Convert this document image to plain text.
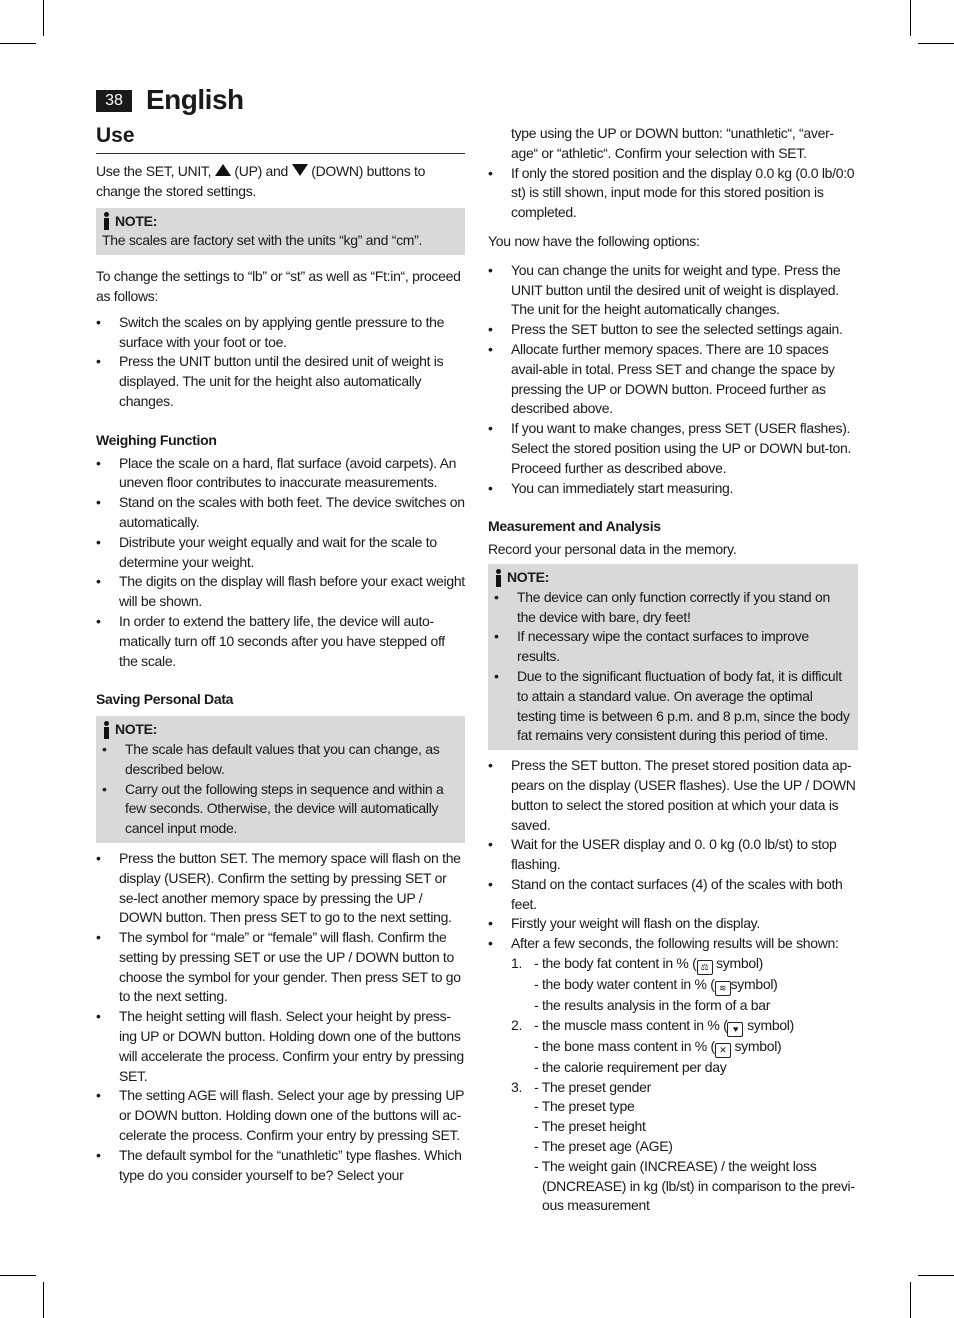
38 English
Use

Use the SET, UNIT,  (UP) and  (DOWN) buttons to change the stored settings.

NOTE:

The scales are factory set with the units “kg” and “cm”.

To change the settings to “lb” or “st” as well as “Ft:in“, proceed as follows:

• Switch the scales on by applying gentle pressure to the surface with your foot or toe.
• Press the UNIT button until the desired unit of weight is displayed. The unit for the height also automatically changes.

Weighing Function

• Place the scale on a hard, flat surface (avoid carpets). An uneven floor contributes to inaccurate measurements.
• Stand on the scales with both feet. The device switches on automatically.
• Distribute your weight equally and wait for the scale to determine your weight.
• The digits on the display will flash before your exact weight will be shown.
• In order to extend the battery life, the device will auto-matically turn off 10 seconds after you have stepped off the scale.

Saving Personal Data

NOTE:
• The scale has default values that you can change, as described below.
• Carry out the following steps in sequence and within a few seconds. Otherwise, the device will automatically cancel input mode.
• Press the button SET. The memory space will flash on the display (USER). Confirm the setting by pressing SET or se-lect another memory space by pressing the UP / DOWN button. Then press SET to go to the next setting.
• The symbol for “male” or “female” will flash. Confirm the setting by pressing SET or use the UP / DOWN button to choose the symbol for your gender. Then press SET to go to the next setting.
• The height setting will flash. Select your height by press-ing UP or DOWN button. Holding down one of the buttons will accelerate the process. Confirm your entry by pressing SET.
• The setting AGE will flash. Select your age by pressing UP or DOWN button. Holding down one of the buttons will ac-celerate the process. Confirm your entry by pressing SET.
• The default symbol for the “unathletic” type flashes. Which type do you consider yourself to be? Select your

type using the UP or DOWN button: “unathletic“, “aver-age“ or “athletic“. Confirm your selection with SET.

• If only the stored position and the display 0.0 kg (0.0 lb/0:0 st) is still shown, input mode for this stored position is completed.

You now have the following options:

• You can change the units for weight and type. Press the UNIT button until the desired unit of weight is displayed. The unit for the height automatically changes.
• Press the SET button to see the selected settings again.
• Allocate further memory spaces. There are 10 spaces avail-able in total. Press SET and change the space by pressing the UP or DOWN button. Proceed further as described above.
• If you want to make changes, press SET (USER flashes). Select the stored position using the UP or DOWN but-ton. Proceed further as described above.
• You can immediately start measuring.

Measurement and Analysis

Record your personal data in the memory.

NOTE:
• The device can only function correctly if you stand on the device with bare, dry feet!
• If necessary wipe the contact surfaces to improve results.
• Due to the significant fluctuation of body fat, it is difficult to attain a standard value. On average the optimal testing time is between 6 p.m. and 8 p.m, since the body fat remains very consistent during this period of time.
• Press the SET button. The preset stored position data ap-pears on the display (USER flashes). Use the UP / DOWN button to select the stored position at which your data is saved.
• Wait for the USER display and 0. 0 kg (0.0 lb/st) to stop flashing.
• Stand on the contact surfaces (4) of the scales with both feet.
• Firstly your weight will flash on the display.
• After a few seconds, the following results will be shown:
1. - the body fat content in % ( ⚖ symbol)
- the body water content in % ( ≋ symbol)
- the results analysis in the form of a bar
2. - the muscle mass content in % ( ♥ symbol)
- the bone mass content in % ( ✕ symbol)
- the calorie requirement per day
3. - The preset gender
- The preset type
- The preset height
- The preset age (AGE)
- The weight gain (INCREASE) / the weight loss
(DNCREASE) in kg (lb/st) in comparison to the previ-ous measurement
